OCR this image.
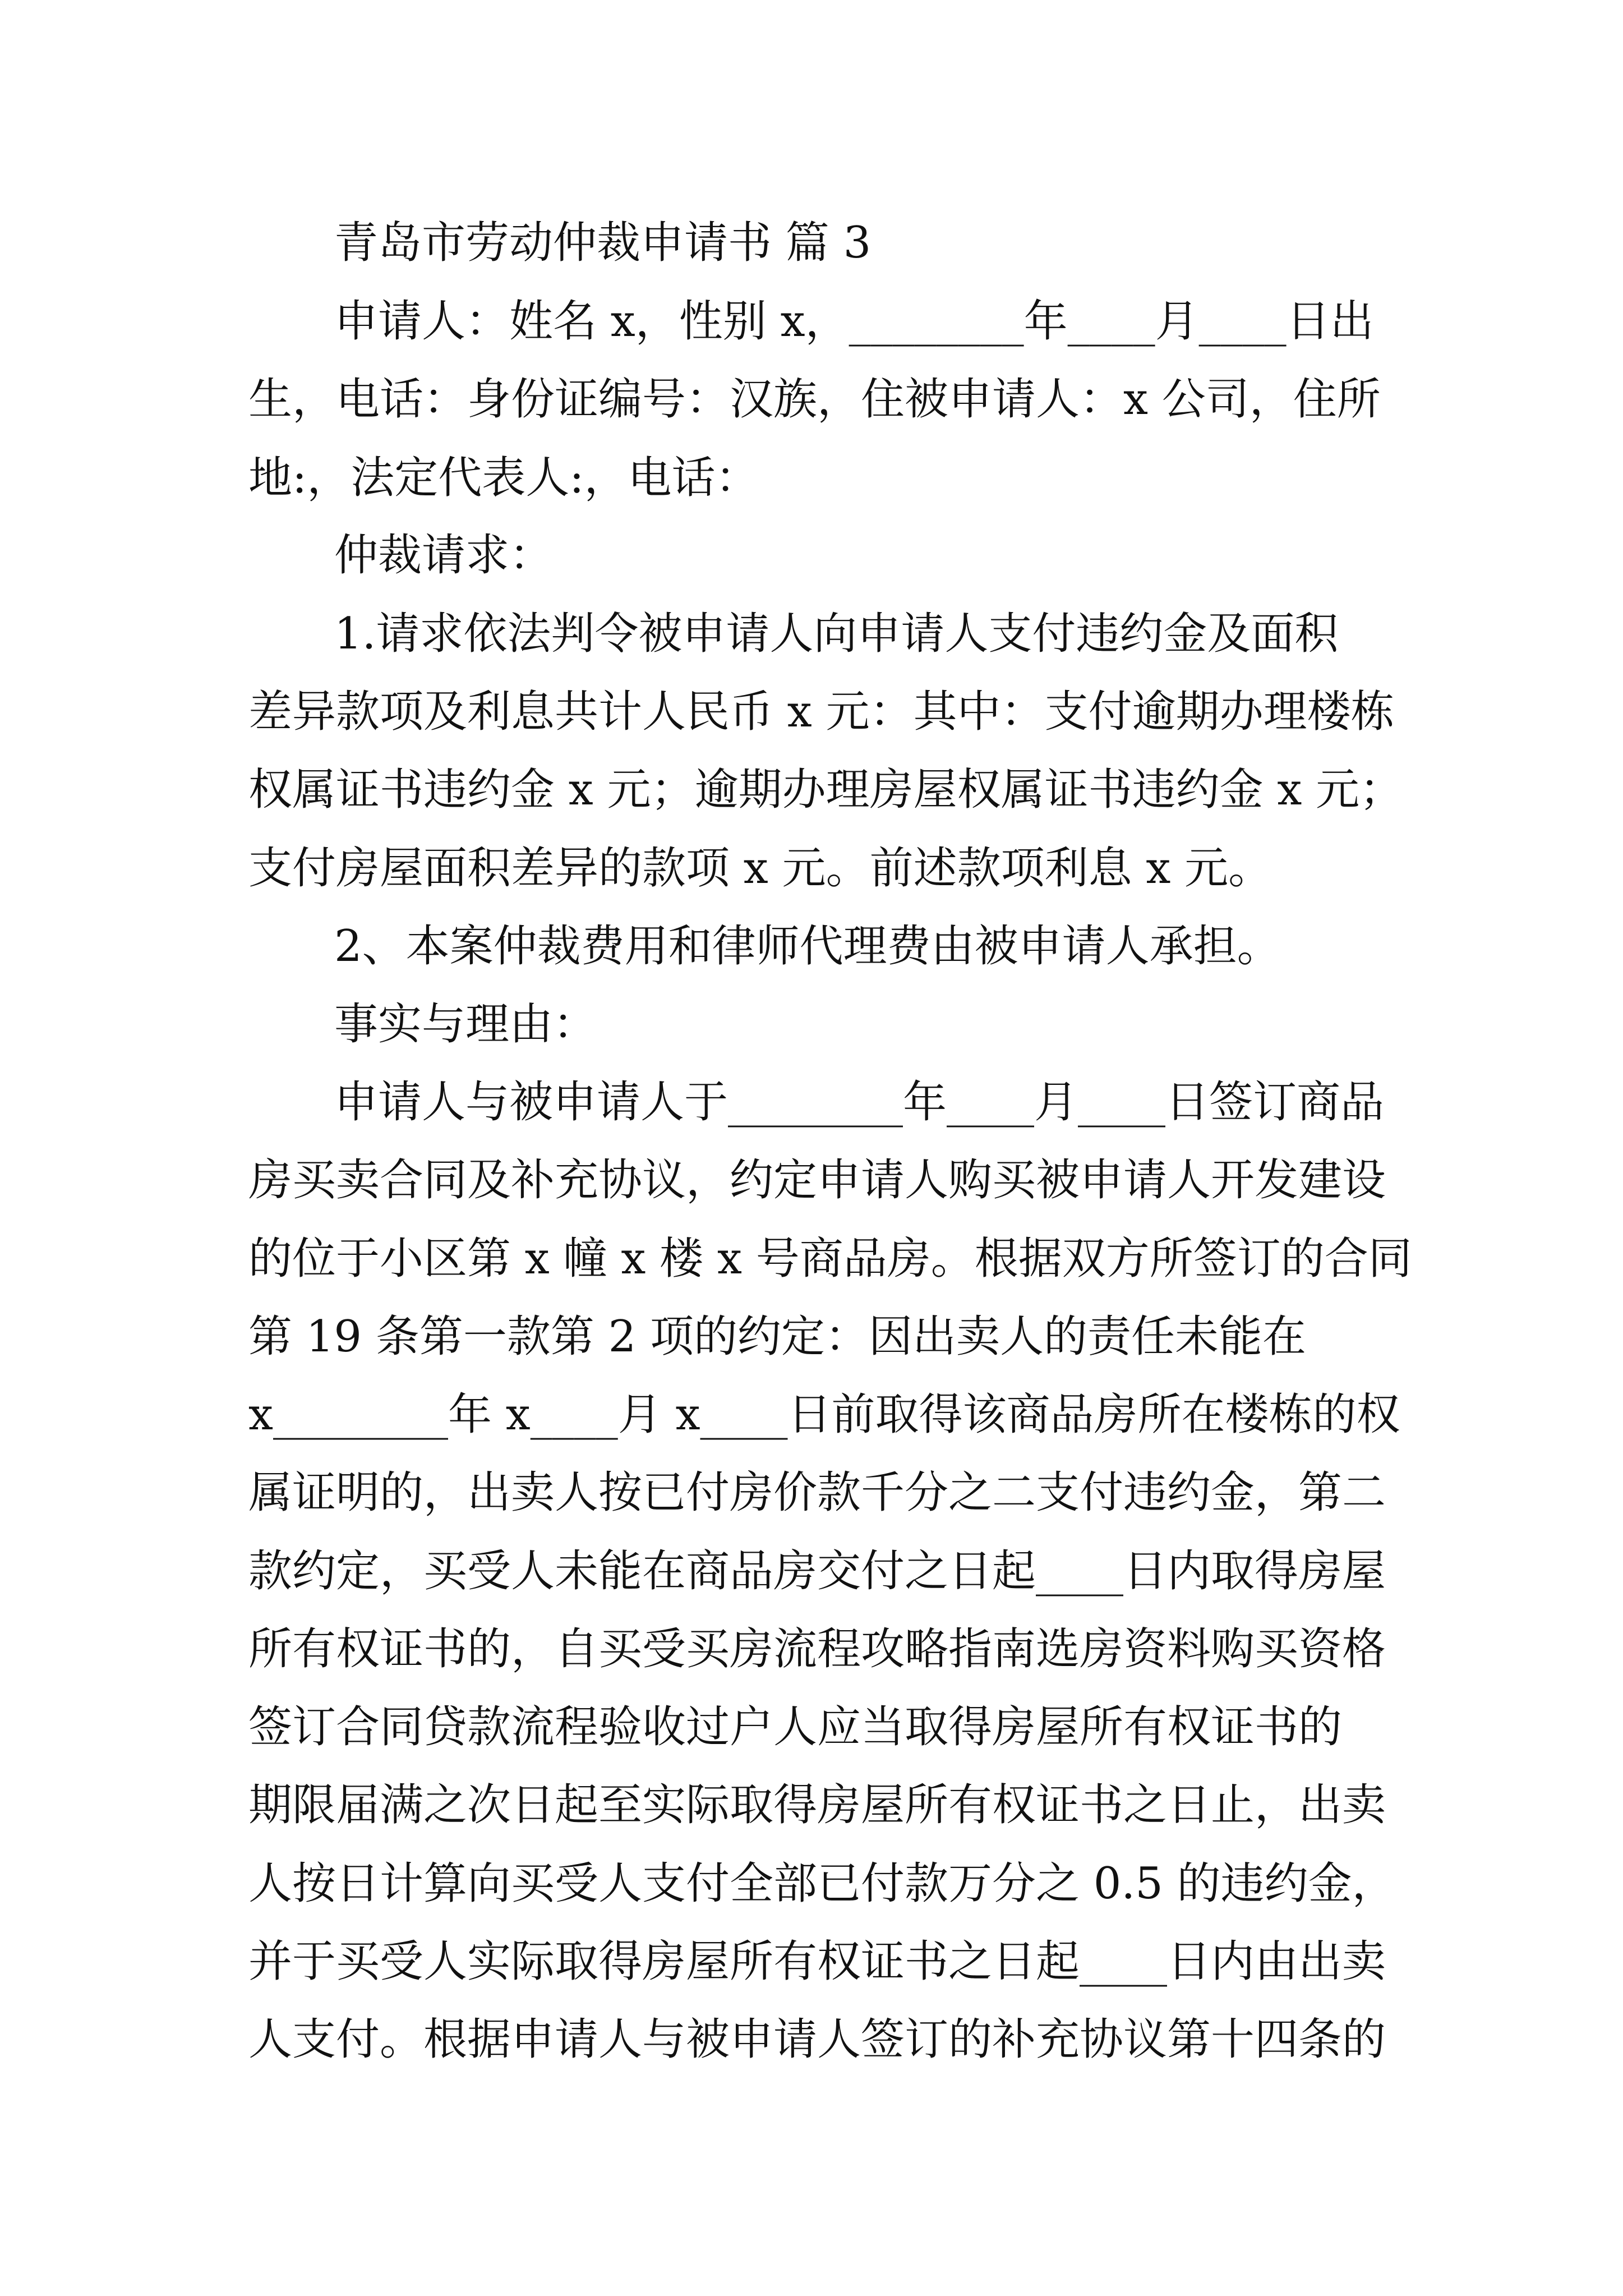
青岛市劳动仲裁申请书 篇 3
申请人：姓名 x，性别 x，________年____月____日出
生，电话：身份证编号：汉族，住被申请人：x 公司，住所
地:，法定代表人:，电话：
仲裁请求：
1.请求依法判令被申请人向申请人支付违约金及面积
差异款项及利息共计人民币 x 元：其中：支付逾期办理楼栋
权属证书违约金 x 元；逾期办理房屋权属证书违约金 x 元；
支付房屋面积差异的款项 x 元。前述款项利息 x 元。
2、本案仲裁费用和律师代理费由被申请人承担。
事实与理由：
申请人与被申请人于________年____月____日签订商品
房买卖合同及补充协议，约定申请人购买被申请人开发建设
的位于小区第 x 幢 x 楼 x 号商品房。根据双方所签订的合同
第 19 条第一款第 2 项的约定：因出卖人的责任未能在
x________年 x____月 x____日前取得该商品房所在楼栋的权
属证明的，出卖人按已付房价款千分之二支付违约金，第二
款约定，买受人未能在商品房交付之日起____日内取得房屋
所有权证书的，自买受买房流程攻略指南选房资料购买资格
签订合同贷款流程验收过户人应当取得房屋所有权证书的
期限届满之次日起至实际取得房屋所有权证书之日止，出卖
人按日计算向买受人支付全部已付款万分之 0.5 的违约金，
并于买受人实际取得房屋所有权证书之日起____日内由出卖
人支付。根据申请人与被申请人签订的补充协议第十四条的
